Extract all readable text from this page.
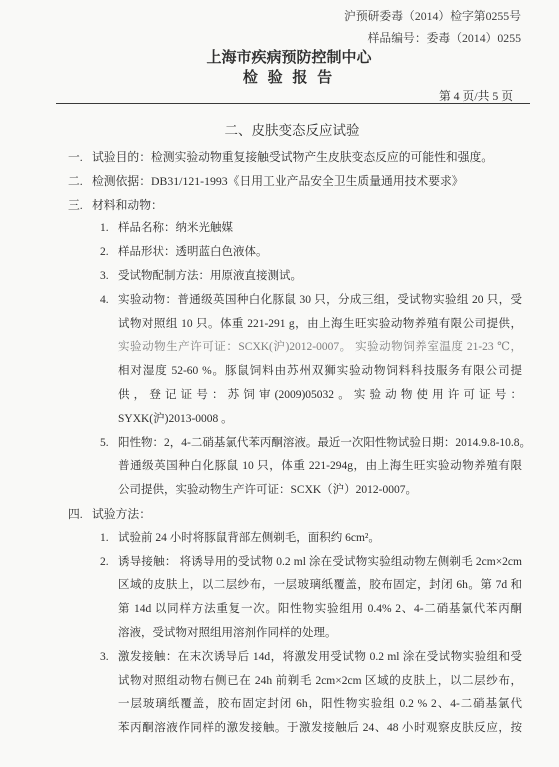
沪预研委毒（2014）检字第0255号
样品编号：委毒（2014）0255
上海市疾病预防控制中心
检 验 报 告
第 4 页/共 5 页
二、皮肤变态反应试验
一. 试验目的：检测实验动物重复接触受试物产生皮肤变态反应的可能性和强度。
二. 检测依据：DB31/121-1993《日用工业产品安全卫生质量通用技术要求》
三. 材料和动物：
1. 样品名称：纳米光触媒
2. 样品形状：透明蓝白色液体。
3. 受试物配制方法：用原液直接测试。
4. 实验动物：普通级英国种白化豚鼠 30 只，分成三组，受试物实验组 20 只，受
试物对照组 10 只。体重 221-291 g，由上海生旺实验动物养殖有限公司提供，
实验动物生产许可证：SCXK(沪)2012-0007。 实验动物饲养室温度 21-23 ℃，
相对湿度 52-60 %。豚鼠饲料由苏州双狮实验动物饲料科技服务有限公司提
供，登记证号：苏饲审(2009)05032。实验动物使用许可证号：
SYXK(沪)2013-0008 。
5. 阳性物：2，4-二硝基氯代苯丙酮溶液。最近一次阳性物试验日期：2014.9.8-10.8。
普通级英国种白化豚鼠 10 只，体重 221-294g，由上海生旺实验动物养殖有限
公司提供，实验动物生产许可证：SCXK（沪）2012-0007。
四. 试验方法：
1. 试验前 24 小时将豚鼠背部左侧剃毛，面积约 6cm²。
2. 诱导接触： 将诱导用的受试物 0.2 ml 涂在受试物实验组动物左侧剃毛 2cm×2cm
区域的皮肤上，以二层纱布，一层玻璃纸覆盖，胶布固定，封闭 6h。第 7d 和
第 14d 以同样方法重复一次。阳性物实验组用 0.4% 2、4-二硝基氯代苯丙酮
溶液，受试物对照组用溶剂作同样的处理。
3. 激发接触：在末次诱导后 14d，将激发用受试物 0.2 ml 涂在受试物实验组和受
试物对照组动物右侧已在 24h 前剃毛 2cm×2cm 区域的皮肤上，以二层纱布，
一层玻璃纸覆盖，胶布固定封闭 6h，阳性物实验组 0.2 % 2、4-二硝基氯代
苯丙酮溶液作同样的激发接触。于激发接触后 24、48 小时观察皮肤反应，按
